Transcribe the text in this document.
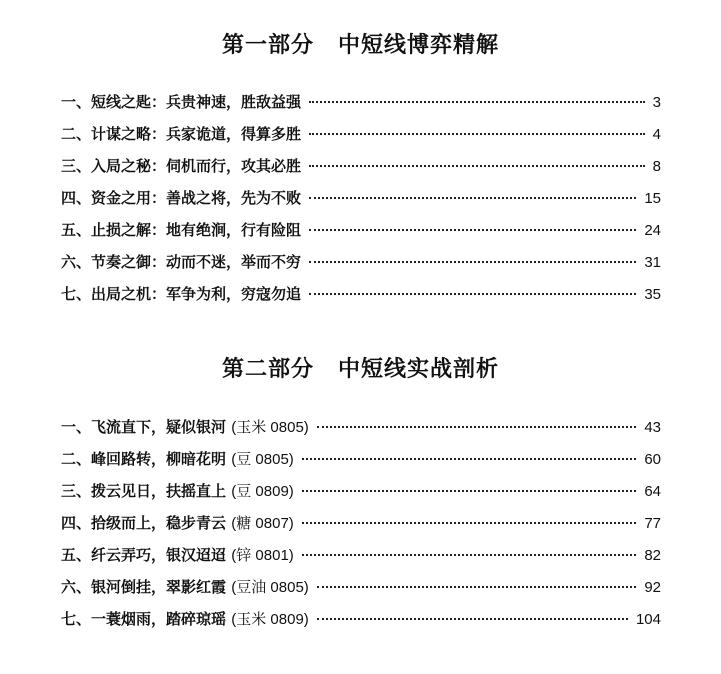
第一部分 中短线博弈精解
一、短线之匙：兵贵神速，胜敌益强	3
二、计谋之略：兵家诡道，得算多胜	4
三、入局之秘：伺机而行，攻其必胜	8
四、资金之用：善战之将，先为不败	15
五、止损之解：地有绝涧，行有险阻	24
六、节奏之御：动而不迷，举而不穷	31
七、出局之机：军争为利，穷寇勿追	35
第二部分 中短线实战剖析
一、飞流直下，疑似银河 (玉米 0805)	43
二、峰回路转，柳暗花明 (豆 0805)	60
三、拨云见日，扶摇直上 (豆 0809)	64
四、拾级而上，稳步青云 (糖 0807)	77
五、纤云弄巧，银汉迢迢 (锌 0801)	82
六、银河倒挂，翠影红霞 (豆油 0805)	92
七、一蓑烟雨，踏碎琼瑶 (玉米 0809)	104
